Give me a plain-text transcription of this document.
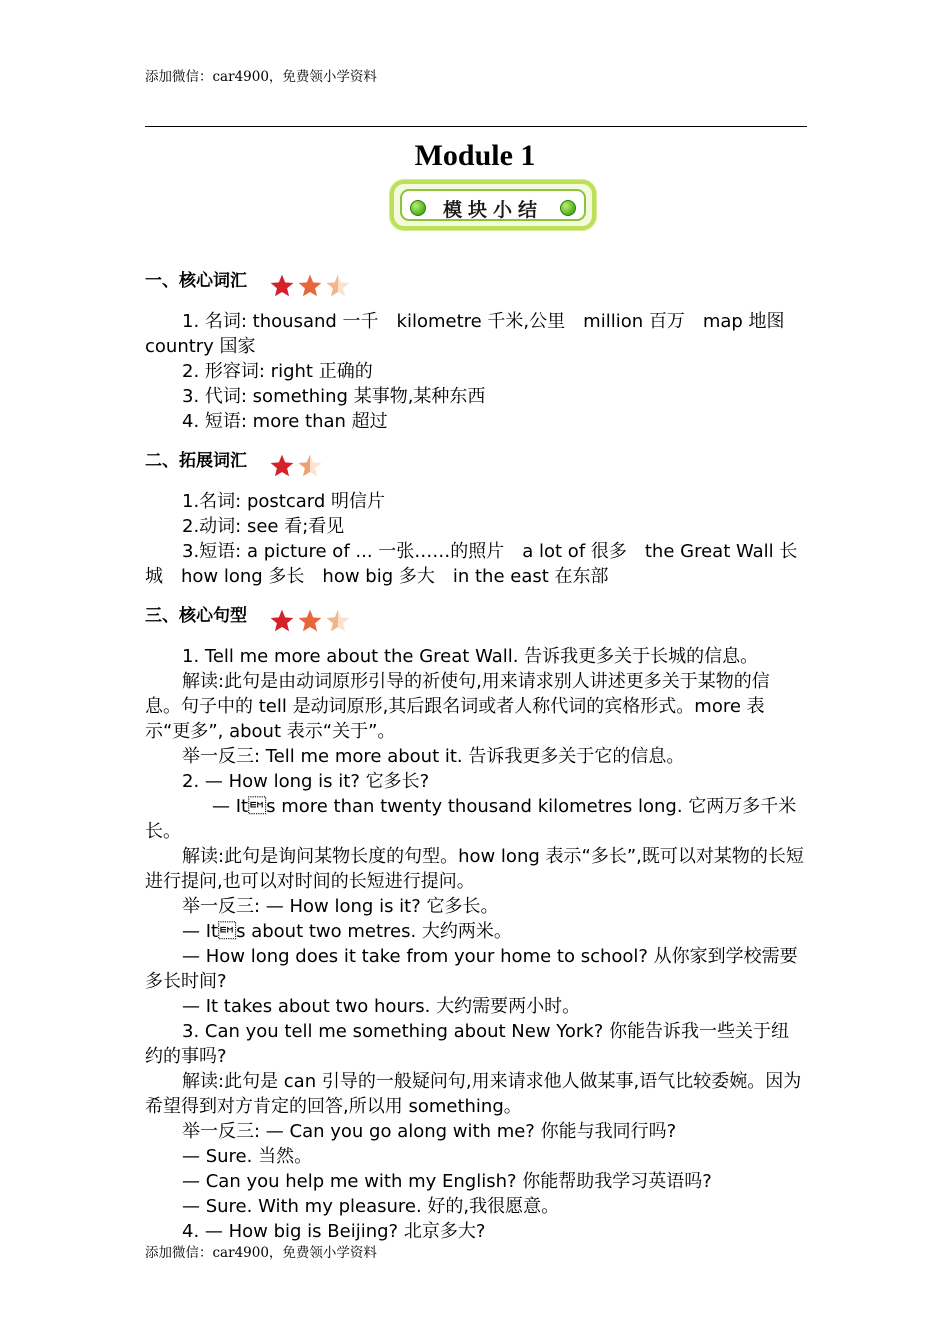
添加微信：car4900，免费领小学资料
Module 1
模块小结

一、核心词汇

1. 名词: thousand 一千　kilometre 千米,公里　million 百万　map 地图　country 国家

2. 形容词: right 正确的

3. 代词: something 某事物,某种东西

4. 短语: more than 超过

二、拓展词汇

1.名词: postcard 明信片

2.动词: see 看;看见

3.短语: a picture of ... 一张……的照片　a lot of 很多　the Great Wall 长城　how long 多长　how big 多大　in the east 在东部

三、核心句型

1. Tell me more about the Great Wall. 告诉我更多关于长城的信息。

解读:此句是由动词原形引导的祈使句,用来请求别人讲述更多关于某物的信息。句子中的 tell 是动词原形,其后跟名词或者人称代词的宾格形式。more 表示“更多”, about 表示“关于”。

举一反三: Tell me more about it. 告诉我更多关于它的信息。

2. — How long is it? 它多长?

— Its more than twenty thousand kilometres long. 它两万多千米长。

解读:此句是询问某物长度的句型。how long 表示“多长”,既可以对某物的长短进行提问,也可以对时间的长短进行提问。

举一反三: — How long is it? 它多长。

— Its about two metres. 大约两米。

— How long does it take from your home to school? 从你家到学校需要多长时间?

— It takes about two hours. 大约需要两小时。

3. Can you tell me something about New York? 你能告诉我一些关于纽约的事吗?

解读:此句是 can 引导的一般疑问句,用来请求他人做某事,语气比较委婉。因为希望得到对方肯定的回答,所以用 something。

举一反三: — Can you go along with me? 你能与我同行吗?

— Sure. 当然。

— Can you help me with my English? 你能帮助我学习英语吗?

— Sure. With my pleasure. 好的,我很愿意。

4. — How big is Beijing? 北京多大?

添加微信：car4900，免费领小学资料
